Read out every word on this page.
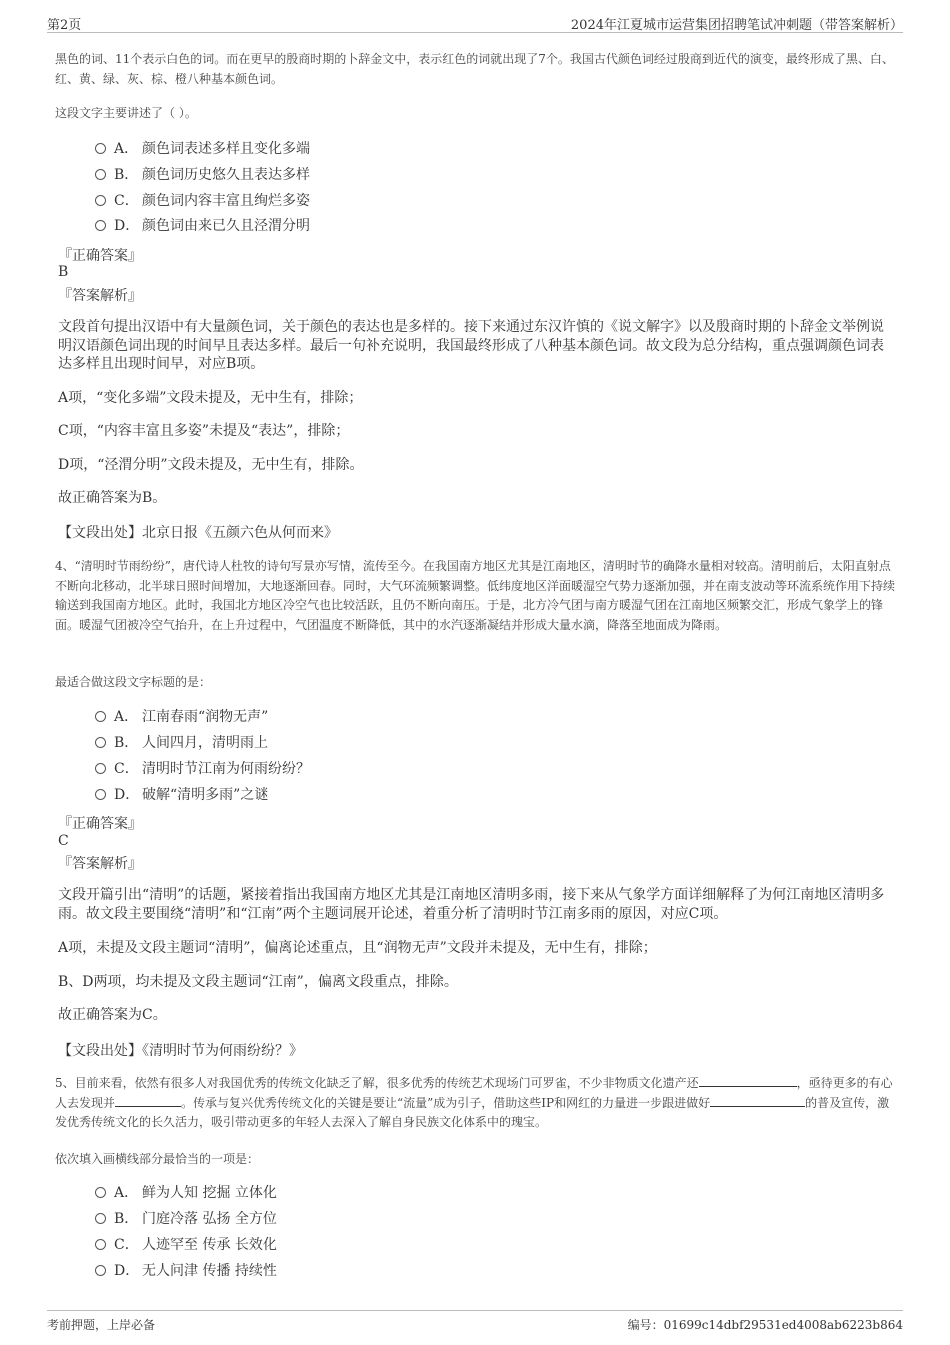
第2页	2024年江夏城市运营集团招聘笔试冲刺题（带答案解析）
黑色的词、11个表示白色的词。而在更早的殷商时期的卜辞金文中，表示红色的词就出现了7个。我国古代颜色词经过殷商到近代的演变，最终形成了黑、白、红、黄、绿、灰、棕、橙八种基本颜色词。
这段文字主要讲述了（ ）。
A． 颜色词表述多样且变化多端
B． 颜色词历史悠久且表达多样
C． 颜色词内容丰富且绚烂多姿
D． 颜色词由来已久且泾渭分明
『正确答案』
B
『答案解析』
文段首句提出汉语中有大量颜色词，关于颜色的表达也是多样的。接下来通过东汉许慎的《说文解字》以及殷商时期的卜辞金文举例说明汉语颜色词出现的时间早且表达多样。最后一句补充说明，我国最终形成了八种基本颜色词。故文段为总分结构，重点强调颜色词表达多样且出现时间早，对应B项。
A项，“变化多端”文段未提及，无中生有，排除；
C项，“内容丰富且多姿”未提及“表达”，排除；
D项，“泾渭分明”文段未提及，无中生有，排除。
故正确答案为B。
【文段出处】北京日报《五颜六色从何而来》
4、“清明时节雨纷纷”，唐代诗人杜牧的诗句写景亦写情，流传至今。在我国南方地区尤其是江南地区，清明时节的确降水量相对较高。清明前后，太阳直射点不断向北移动，北半球日照时间增加，大地逐渐回春。同时，大气环流频繁调整。低纬度地区洋面暖湿空气势力逐渐加强，并在南支波动等环流系统作用下持续输送到我国南方地区。此时，我国北方地区冷空气也比较活跃，且仍不断向南压。于是，北方冷气团与南方暖湿气团在江南地区频繁交汇，形成气象学上的锋面。暖湿气团被冷空气抬升，在上升过程中，气团温度不断降低，其中的水汽逐渐凝结并形成大量水滴，降落至地面成为降雨。
最适合做这段文字标题的是：
A． 江南春雨“润物无声”
B． 人间四月，清明雨上
C． 清明时节江南为何雨纷纷？
D． 破解“清明多雨”之谜
『正确答案』
C
『答案解析』
文段开篇引出“清明”的话题，紧接着指出我国南方地区尤其是江南地区清明多雨，接下来从气象学方面详细解释了为何江南地区清明多雨。故文段主要围绕“清明”和“江南”两个主题词展开论述，着重分析了清明时节江南多雨的原因，对应C项。
A项，未提及文段主题词“清明”，偏离论述重点，且“润物无声”文段并未提及，无中生有，排除；
B、D两项，均未提及文段主题词“江南”，偏离文段重点，排除。
故正确答案为C。
【文段出处】《清明时节为何雨纷纷？》
5、目前来看，依然有很多人对我国优秀的传统文化缺乏了解，很多优秀的传统艺术现场门可罗雀，不少非物质文化遗产还	，亟待更多的有心人去发现并	。传承与复兴优秀传统文化的关键是要让“流量”成为引子，借助这些IP和网红的力量进一步跟进做好	的普及宣传，激发优秀传统文化的长久活力，吸引带动更多的年轻人去深入了解自身民族文化体系中的瑰宝。
依次填入画横线部分最恰当的一项是：
A． 鲜为人知 挖掘 立体化
B． 门庭冷落 弘扬 全方位
C． 人迹罕至 传承 长效化
D． 无人问津 传播 持续性
考前押题，上岸必备	编号：01699c14dbf29531ed4008ab6223b864
